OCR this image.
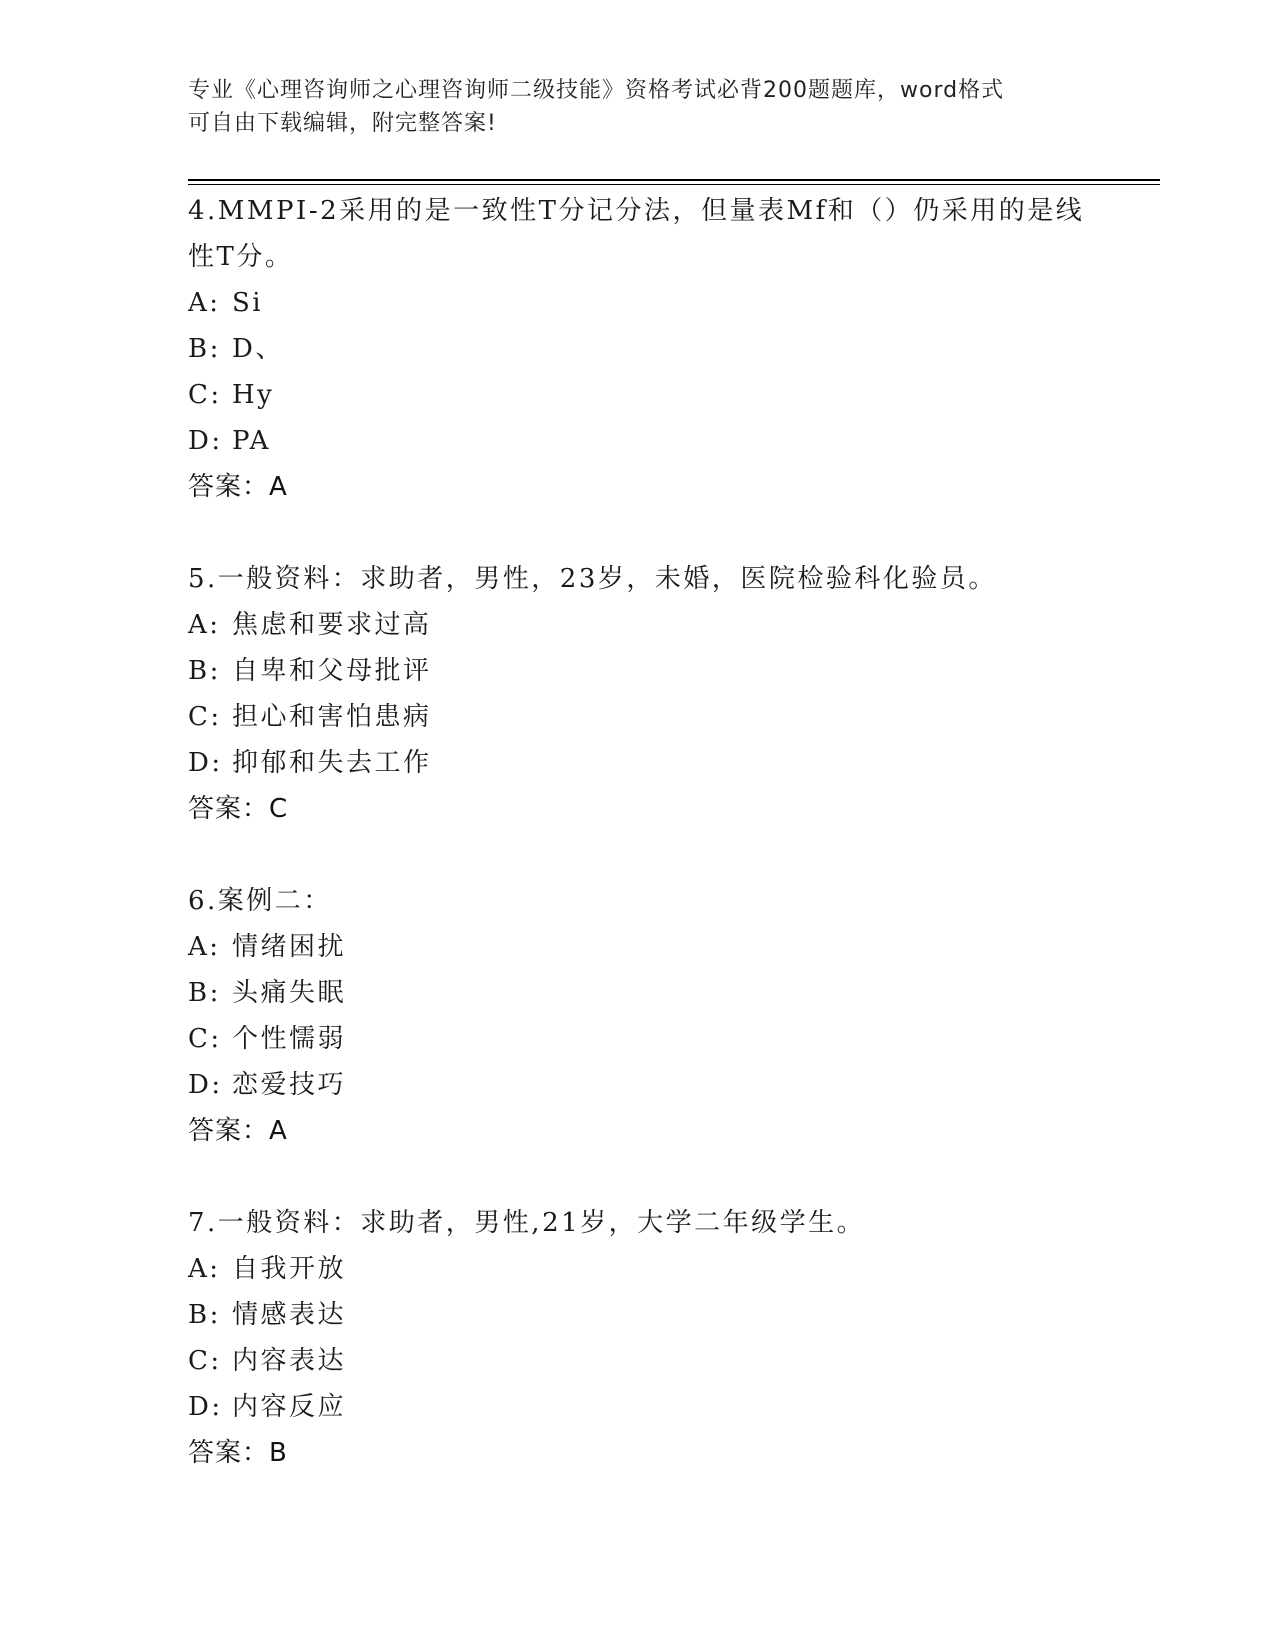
专业《心理咨询师之心理咨询师二级技能》资格考试必背200题题库，word格式
可自由下载编辑，附完整答案!
4.MMPI-2采用的是一致性T分记分法，但量表Mf和（）仍采用的是线
性T分。
A: Si
B: D、
C: Hy
D: PA
答案：A
5.一般资料：求助者，男性，23岁，未婚，医院检验科化验员。
A: 焦虑和要求过高
B: 自卑和父母批评
C: 担心和害怕患病
D: 抑郁和失去工作
答案：C
6.案例二：
A: 情绪困扰
B: 头痛失眠
C: 个性懦弱
D: 恋爱技巧
答案：A
7.一般资料：求助者，男性,21岁，大学二年级学生。
A: 自我开放
B: 情感表达
C: 内容表达
D: 内容反应
答案：B
